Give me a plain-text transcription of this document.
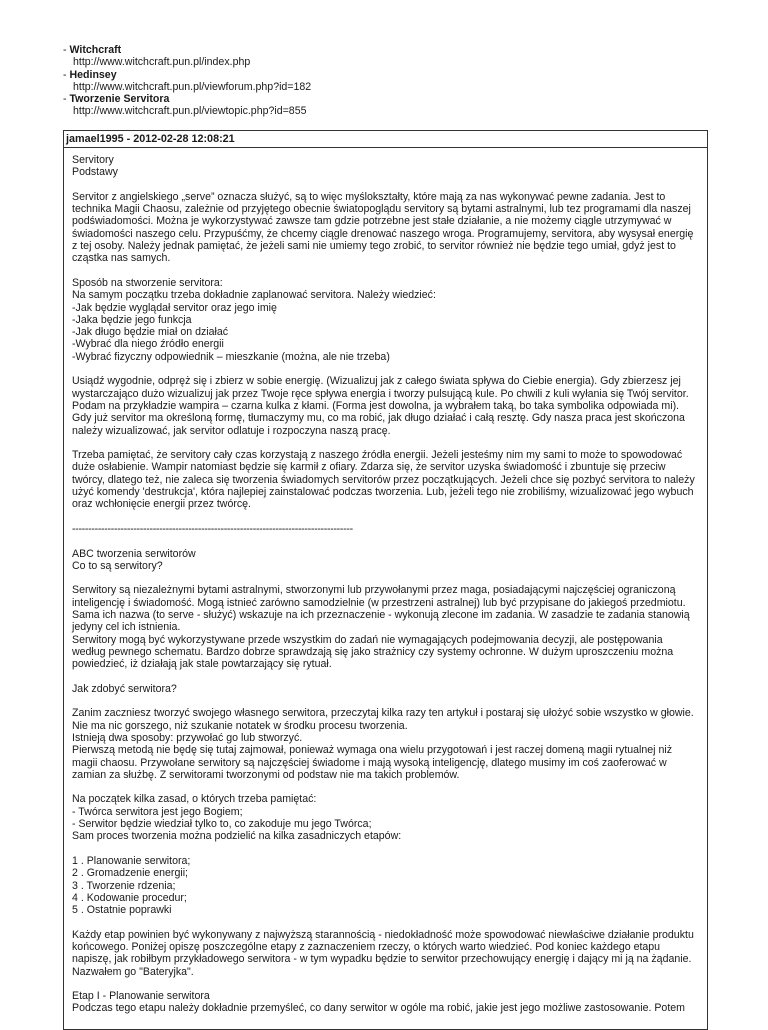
- Witchcraft
http://www.witchcraft.pun.pl/index.php
- Hedinsey
http://www.witchcraft.pun.pl/viewforum.php?id=182
- Tworzenie Servitora
http://www.witchcraft.pun.pl/viewtopic.php?id=855
jamael1995 - 2012-02-28 12:08:21

Servitory
Podstawy

Servitor z angielskiego „serve” oznacza służyć, są to więc myślokształty, które mają za nas wykonywać pewne zadania. Jest to technika Magii Chaosu, zależnie od przyjętego obecnie światopoglądu servitory są bytami astralnymi, lub tez programami dla naszej podświadomości. Można je wykorzystywać zawsze tam gdzie potrzebne jest stałe działanie, a nie możemy ciągle utrzymywać w świadomości naszego celu. Przypuśćmy, że chcemy ciągle drenować naszego wroga. Programujemy, servitora, aby wysysał energię z tej osoby. Należy jednak pamiętać, że jeżeli sami nie umiemy tego zrobić, to servitor również nie będzie tego umiał, gdyż jest to cząstka nas samych.

Sposób na stworzenie servitora:
Na samym początku trzeba dokładnie zaplanować servitora. Należy wiedzieć:
-Jak będzie wyglądał servitor oraz jego imię
-Jaka będzie jego funkcja
-Jak długo będzie miał on działać
-Wybrać dla niego źródło energii
-Wybrać fizyczny odpowiednik – mieszkanie (można, ale nie trzeba)

Usiądź wygodnie, odpręż się i zbierz w sobie energię. (Wizualizuj jak z całego świata spływa do Ciebie energia). Gdy zbierzesz jej wystarczająco dużo wizualizuj jak przez Twoje ręce spływa energia i tworzy pulsującą kule. Po chwili z kuli wyłania się Twój servitor. Podam na przykładzie wampira – czarna kulka z kłami. (Forma jest dowolna, ja wybrałem taką, bo taka symbolika odpowiada mi). Gdy już servitor ma określoną formę, tłumaczymy mu, co ma robić, jak długo działać i całą resztę. Gdy nasza praca jest skończona należy wizualizować, jak servitor odlatuje i rozpoczyna naszą pracę.

Trzeba pamiętać, że servitory cały czas korzystają z naszego źródła energii. Jeżeli jesteśmy nim my sami to może to spowodować duże osłabienie. Wampir natomiast będzie się karmił z ofiary. Zdarza się, że servitor uzyska świadomość i zbuntuje się przeciw twórcy, dlatego też, nie zaleca się tworzenia świadomych servitorów przez początkujących. Jeżeli chce się pozbyć servitora to należy użyć komendy 'destrukcja', która najlepiej zainstalować podczas tworzenia. Lub, jeżeli tego nie zrobiliśmy, wizualizować jego wybuch oraz wchłonięcie energii przez twórcę.

---------------------------------------------------------------------------------------

ABC tworzenia serwitorów
Co to są serwitory?

Serwitory są niezależnymi bytami astralnymi, stworzonymi lub przywołanymi przez maga, posiadającymi najczęściej ograniczoną inteligencję i świadomość. Mogą istnieć zarówno samodzielnie (w przestrzeni astralnej) lub być przypisane do jakiegoś przedmiotu. Sama ich nazwa (to serve - służyć) wskazuje na ich przeznaczenie - wykonują zlecone im zadania. W zasadzie te zadania stanowią jedyny cel ich istnienia.
Serwitory mogą być wykorzystywane przede wszystkim do zadań nie wymagających podejmowania decyzji, ale postępowania według pewnego schematu. Bardzo dobrze sprawdzają się jako strażnicy czy systemy ochronne. W dużym uproszczeniu można powiedzieć, iż działają jak stale powtarzający się rytuał.

Jak zdobyć serwitora?

Zanim zaczniesz tworzyć swojego własnego serwitora, przeczytaj kilka razy ten artykuł i postaraj się ułożyć sobie wszystko w głowie. Nie ma nic gorszego, niż szukanie notatek w środku procesu tworzenia.
Istnieją dwa sposoby: przywołać go lub stworzyć.
Pierwszą metodą nie będę się tutaj zajmował, ponieważ wymaga ona wielu przygotowań i jest raczej domeną magii rytualnej niż magii chaosu. Przywołane serwitory są najczęściej świadome i mają wysoką inteligencję, dlatego musimy im coś zaoferować w zamian za służbę. Z serwitorami tworzonymi od podstaw nie ma takich problemów.

Na początek kilka zasad, o których trzeba pamiętać:
- Twórca serwitora jest jego Bogiem;
- Serwitor będzie wiedział tylko to, co zakoduje mu jego Twórca;
Sam proces tworzenia można podzielić na kilka zasadniczych etapów:

1 . Planowanie serwitora;
2 . Gromadzenie energii;
3 . Tworzenie rdzenia;
4 . Kodowanie procedur;
5 . Ostatnie poprawki

Każdy etap powinien być wykonywany z najwyższą starannością - niedokładność może spowodować niewłaściwe działanie produktu końcowego. Poniżej opiszę poszczególne etapy z zaznaczeniem rzeczy, o których warto wiedzieć. Pod koniec każdego etapu napiszę, jak robiłbym przykładowego serwitora - w tym wypadku będzie to serwitor przechowujący energię i dający mi ją na żądanie. Nazwałem go "Bateryjka".

Etap I - Planowanie serwitora
Podczas tego etapu należy dokładnie przemyśleć, co dany serwitor w ogóle ma robić, jakie jest jego możliwe zastosowanie. Potem
